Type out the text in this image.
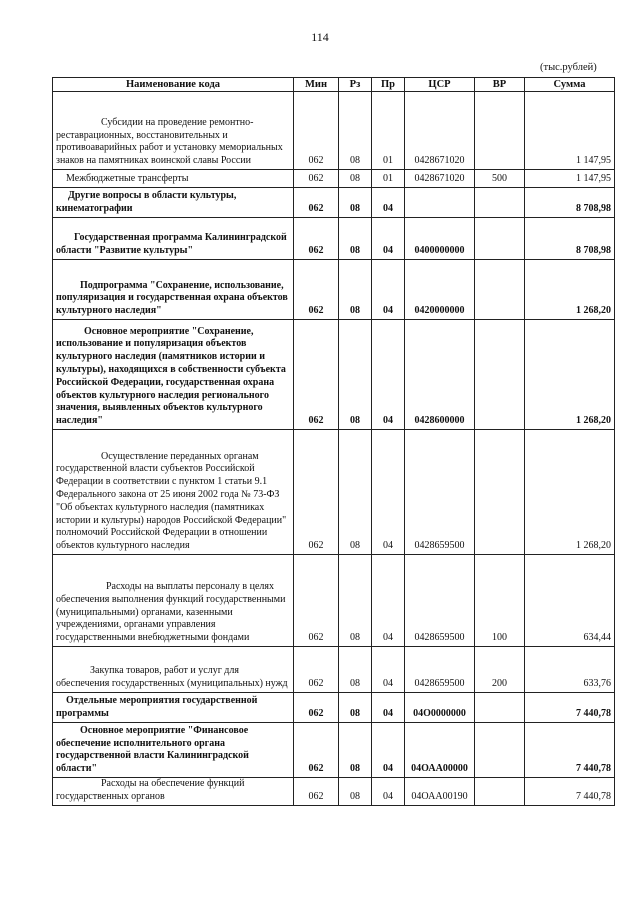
114
(тыс.рублей)
Наименование кода	Мин	Рз	Пр	ЦСР	ВР	Сумма

Субсидии на проведение ремонтно-реставрационных, восстановительных и противоаварийных работ и установку мемориальных знаков на памятниках воинской славы России	062	08	01	0428671020		1 147,95

Межбюджетные трансферты	062	08	01	0428671020	500	1 147,95

Другие вопросы в области культуры, кинематографии	062	08	04			8 708,98

Государственная программа Калининградской области "Развитие культуры"	062	08	04	0400000000		8 708,98

Подпрограмма "Сохранение, использование, популяризация и государственная охрана объектов культурного наследия"	062	08	04	0420000000		1 268,20

Основное мероприятие "Сохранение, использование и популяризация объектов культурного наследия (памятников истории и культуры), находящихся в собственности субъекта Российской Федерации, государственная охрана объектов культурного наследия регионального значения, выявленных объектов культурного наследия"	062	08	04	0428600000		1 268,20

Осуществление переданных органам государственной власти субъектов Российской Федерации в соответствии с пунктом 1 статьи 9.1 Федерального закона от 25 июня 2002 года № 73-ФЗ "Об объектах культурного наследия (памятниках истории и культуры) народов Российской Федерации" полномочий Российской Федерации в отношении объектов культурного наследия	062	08	04	0428659500		1 268,20

Расходы на выплаты персоналу в целях обеспечения выполнения функций государственными (муниципальными) органами, казенными учреждениями, органами управления государственными внебюджетными фондами	062	08	04	0428659500	100	634,44

Закупка товаров, работ и услуг для обеспечения государственных (муниципальных) нужд	062	08	04	0428659500	200	633,76

Отдельные мероприятия государственной программы	062	08	04	04О0000000		7 440,78

Основное мероприятие "Финансовое обеспечение исполнительного органа государственной власти Калининградской области"	062	08	04	04ОАА00000		7 440,78

Расходы на обеспечение функций государственных органов	062	08	04	04ОАА00190		7 440,78
